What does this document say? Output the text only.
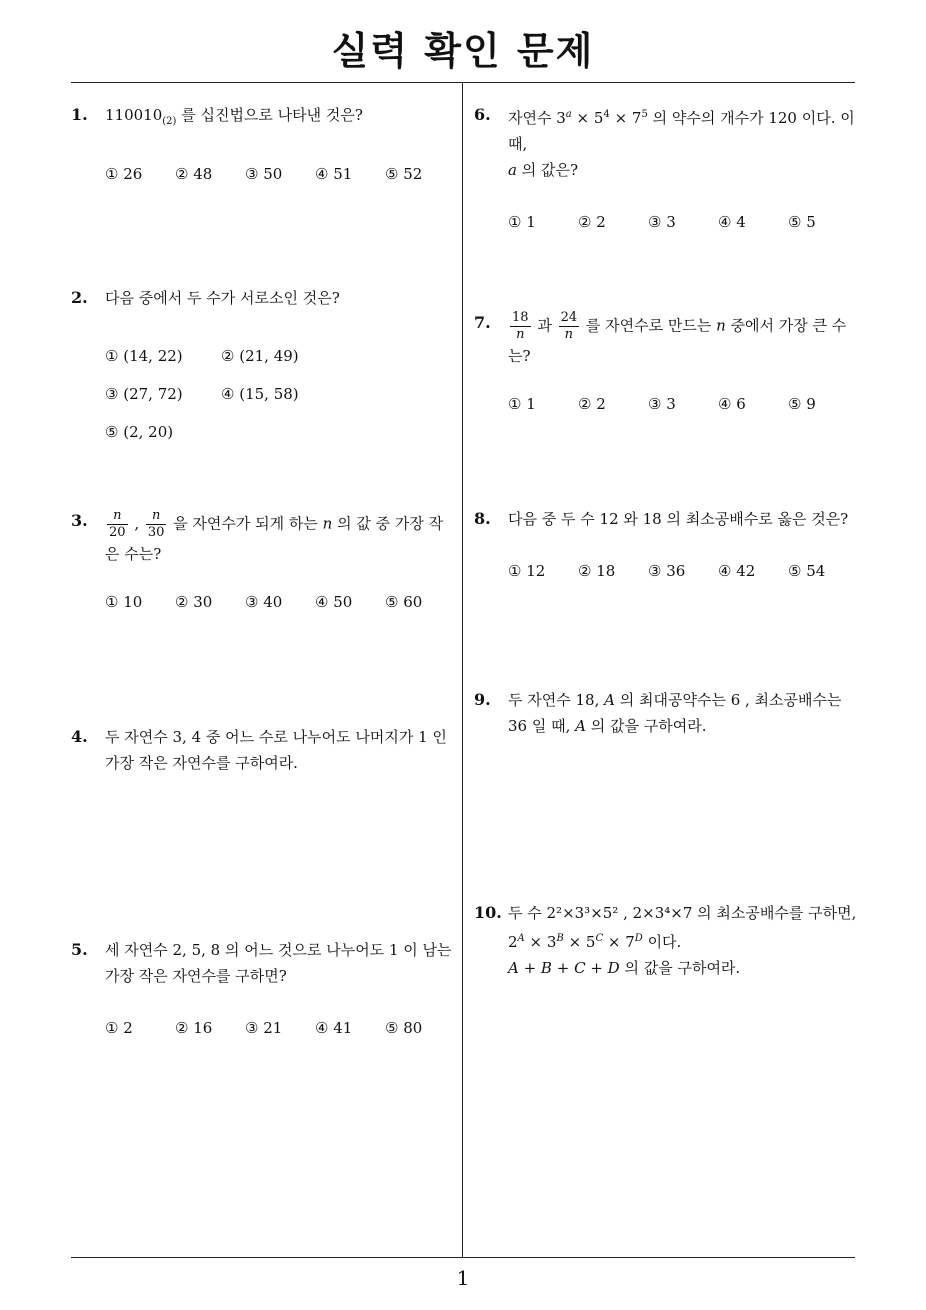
실력 확인 문제
1. $110010_{(2)}$ 를 십진법으로 나타낸 것은?
① 26	② 48	③ 50	④ 51	⑤ 52
2. 다음 중에서 두 수가 서로소인 것은?
① (14, 22)	② (21, 49)
③ (27, 72)	④ (15, 58)
⑤ (2, 20)
3. $\frac{n}{20}$ , $\frac{n}{30}$ 을 자연수가 되게 하는 n 의 값 중 가장 작은 수는?
① 10	② 30	③ 40	④ 50	⑤ 60
4. 두 자연수 3, 4 중 어느 수로 나누어도 나머지가 1 인 가장 작은 자연수를 구하여라.
5. 세 자연수 2, 5, 8 의 어느 것으로 나누어도 1 이 남는 가장 작은 자연수를 구하면?
① 2	② 16	③ 21	④ 41	⑤ 80
6. 자연수 $3^a \times 5^4 \times 7^5$ 의 약수의 개수가 120 이다. 이때,
a 의 값은?
① 1	② 2	③ 3	④ 4	⑤ 5
7. $\frac{18}{n}$ 과 $\frac{24}{n}$ 를 자연수로 만드는 n 중에서 가장 큰 수는?
① 1	② 2	③ 3	④ 6	⑤ 9
8. 다음 중 두 수 12 와 18 의 최소공배수로 옳은 것은?
① 12	② 18	③ 36	④ 42	⑤ 54
9. 두 자연수 18, A 의 최대공약수는 6 , 최소공배수는 36 일 때, A 의 값을 구하여라.
10. 두 수 2²×3³×5² , 2×3⁴×7 의 최소공배수를 구하면,
$2^A \times 3^B \times 5^C \times 7^D$ 이다.
A + B + C + D 의 값을 구하여라.
1
